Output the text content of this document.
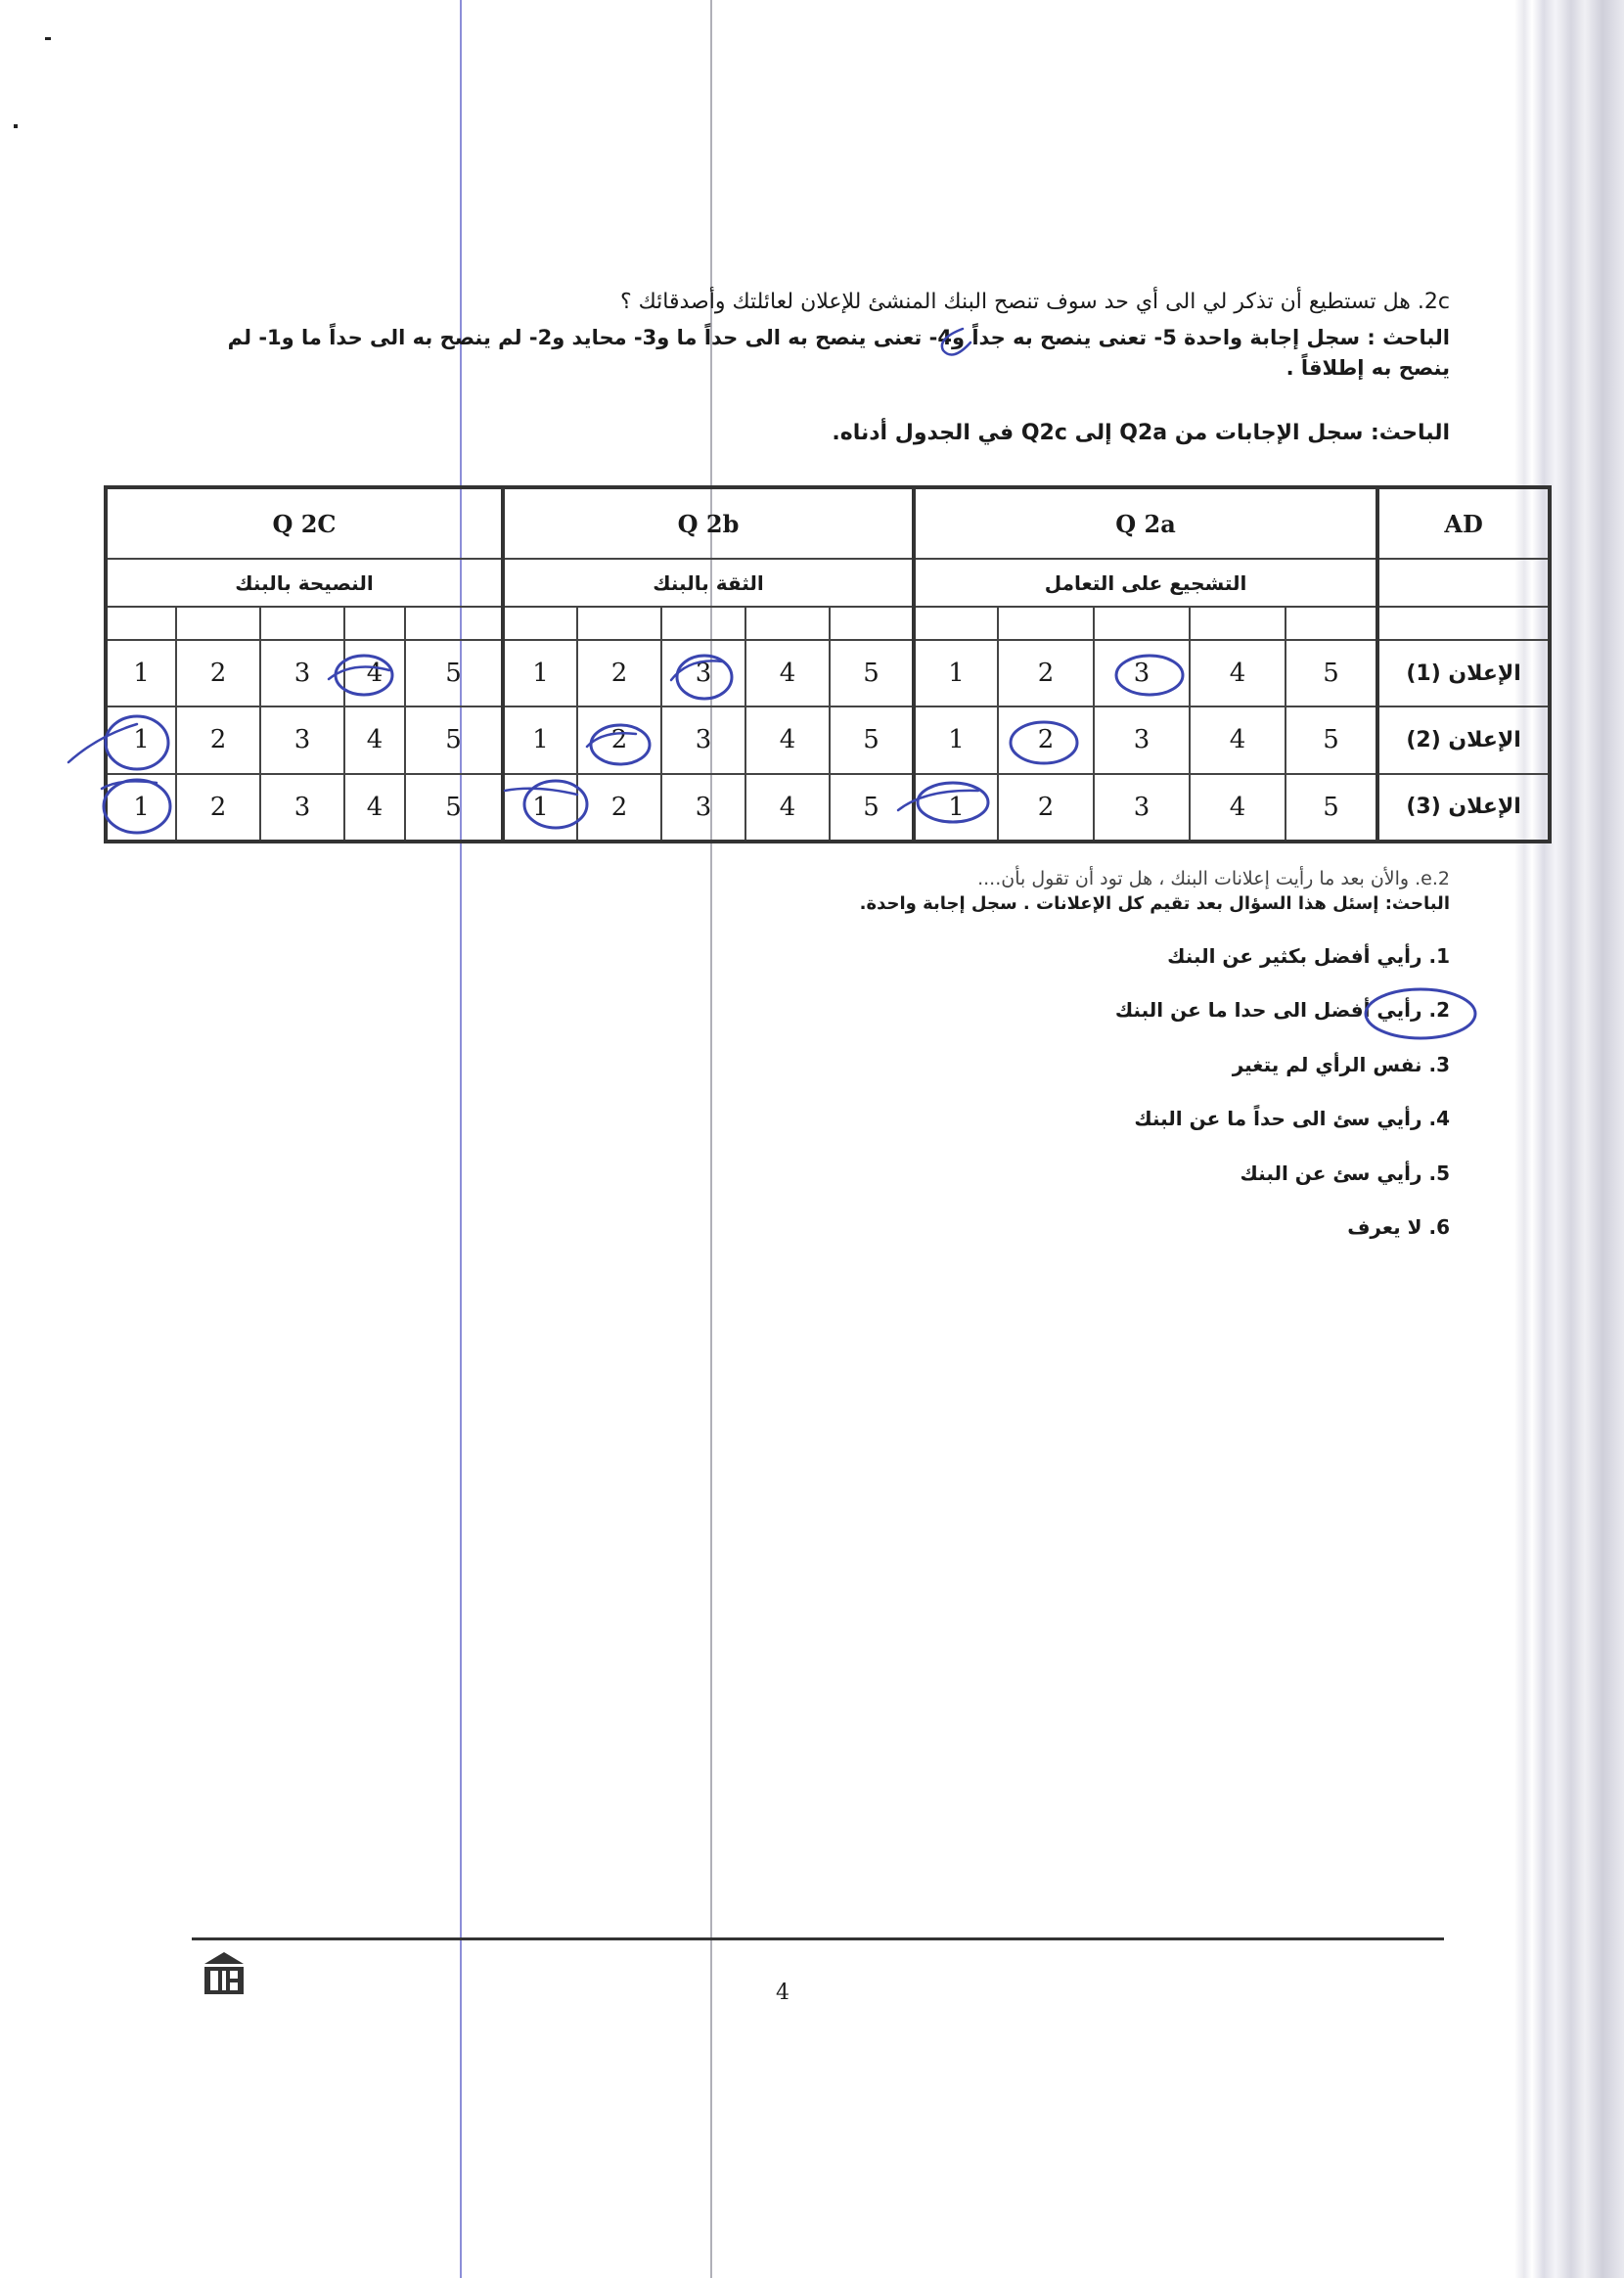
2c. هل تستطيع أن تذكر لي الى أي حد سوف تنصح البنك المنشئ للإعلان لعائلتك وأصدقائك ؟
الباحث : سجل إجابة واحدة 5- تعنى ينصح به جداً و4- تعنى ينصح به الى حداً ما و3- محايد و2- لم ينصح به الى حداً ما و1- لم ينصح به إطلاقاً .
الباحث: سجل الإجابات من Q2a إلى Q2c في الجدول أدناه.
Q 2C					Q 2b					Q 2a					AD
النصيحة بالبنك					الثقة بالبنك					التشجيع على التعامل					

1	2	3	4	5	1	2	3	4	5	1	2	3	4	5	الإعلان (1)
1	2	3	4	5	1	2	3	4	5	1	2	3	4	5	الإعلان (2)
1	2	3	4	5	1	2	3	4	5	1	2	3	4	5	الإعلان (3)
2.e. والأن بعد ما رأيت إعلانات البنك ، هل تود أن تقول بأن....
الباحث: إسئل هذا السؤال بعد تقيم كل الإعلانات . سجل إجابة واحدة.
1. رأيي أفضل بكثير عن البنك
2. رأيي أفضل الى حدا ما عن البنك
3. نفس الرأي لم يتغير
4. رأيي سئ الى حداً ما عن البنك
5. رأيي سئ عن البنك
6. لا يعرف
4
